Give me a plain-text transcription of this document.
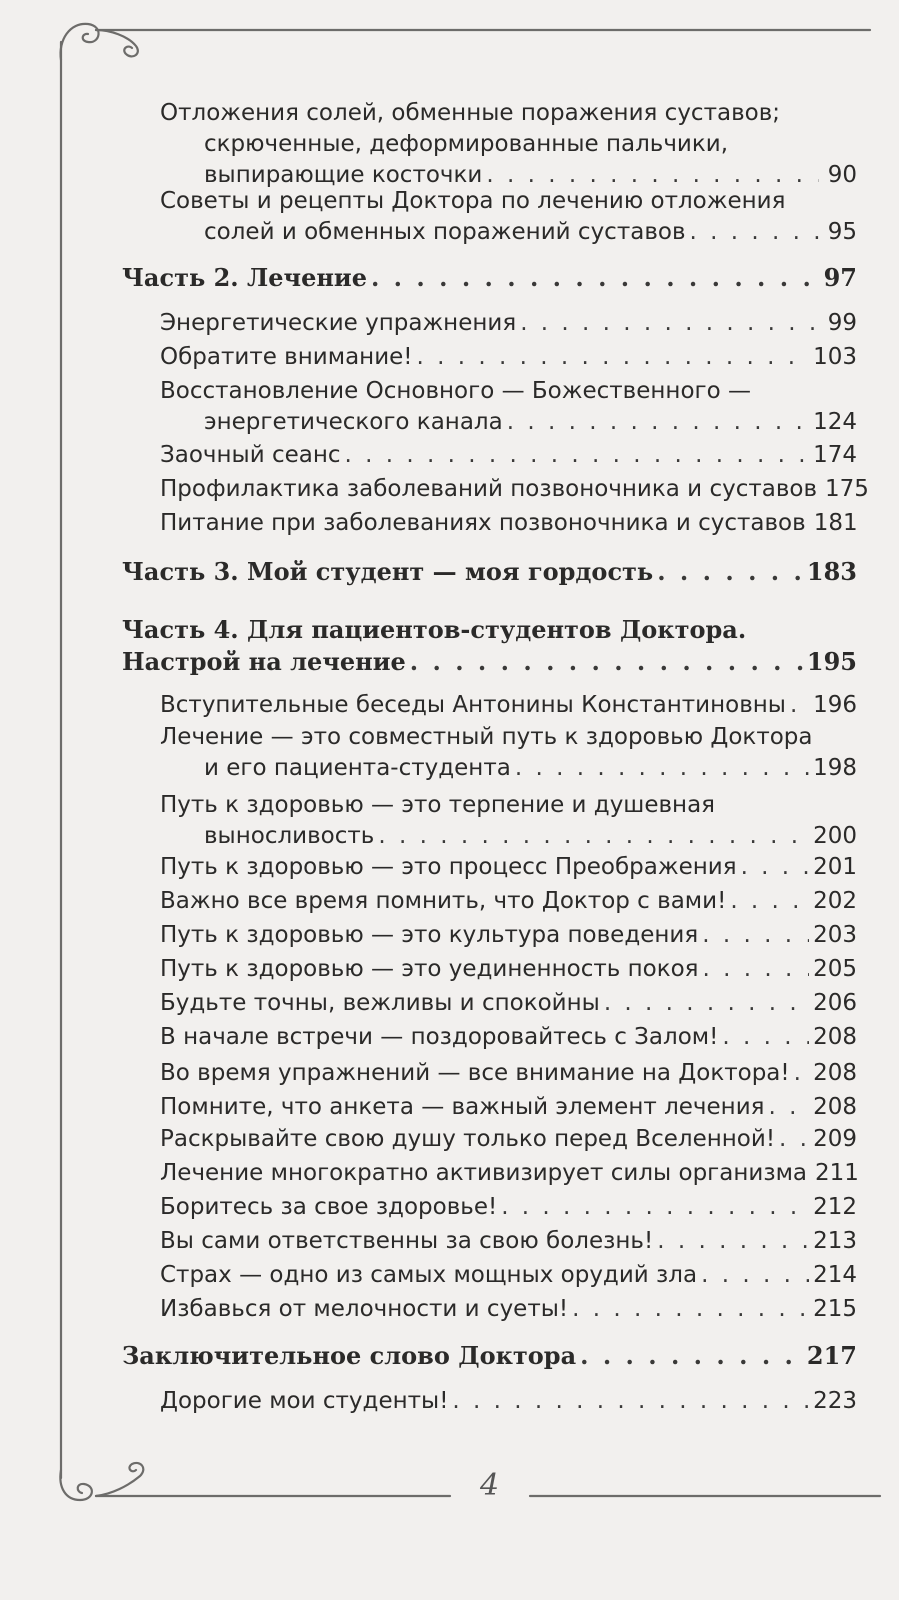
Отложения солей, обменные поражения суставов;
скрюченные, деформированные пальчики,
выпирающие косточки . . .	90
Советы и рецепты Доктора по лечению отложения
солей и обменных поражений суставов . . .	95
Часть 2. Лечение . . .	97
Энергетические упражнения . . .	99
Обратите внимание! . . .	103
Восстановление Основного — Божественного —
энергетического канала . . .	124
Заочный сеанс . . .	174
Профилактика заболеваний позвоночника и суставов 175
Питание при заболеваниях позвоночника и суставов 181
Часть 3. Мой студент — моя гордость . . .	183
Часть 4. Для пациентов-студентов Доктора.
Настрой на лечение . . .	195
Вступительные беседы Антонины Константиновны . . . 196
Лечение — это совместный путь к здоровью Доктора
и его пациента-студента . . .	198
Путь к здоровью — это терпение и душевная
выносливость . . .	200
Путь к здоровью — это процесс Преображения . . .	201
Важно все время помнить, что Доктор с вами! . . .	202
Путь к здоровью — это культура поведения . . .	203
Путь к здоровью — это уединенность покоя . . .	205
Будьте точны, вежливы и спокойны . . .	206
В начале встречи — поздоровайтесь с Залом! . . .	208
Во время упражнений — все внимание на Доктора! . . . 208
Помните, что анкета — важный элемент лечения . . . 208
Раскрывайте свою душу только перед Вселенной! . . . 209
Лечение многократно активизирует силы организма 211
Боритесь за свое здоровье! . . .	212
Вы сами ответственны за свою болезнь! . . .	213
Страх — одно из самых мощных орудий зла . . .	214
Избавься от мелочности и суеты! . . .	215
Заключительное слово Доктора . . .	217
Дорогие мои студенты! . . .	223
4
